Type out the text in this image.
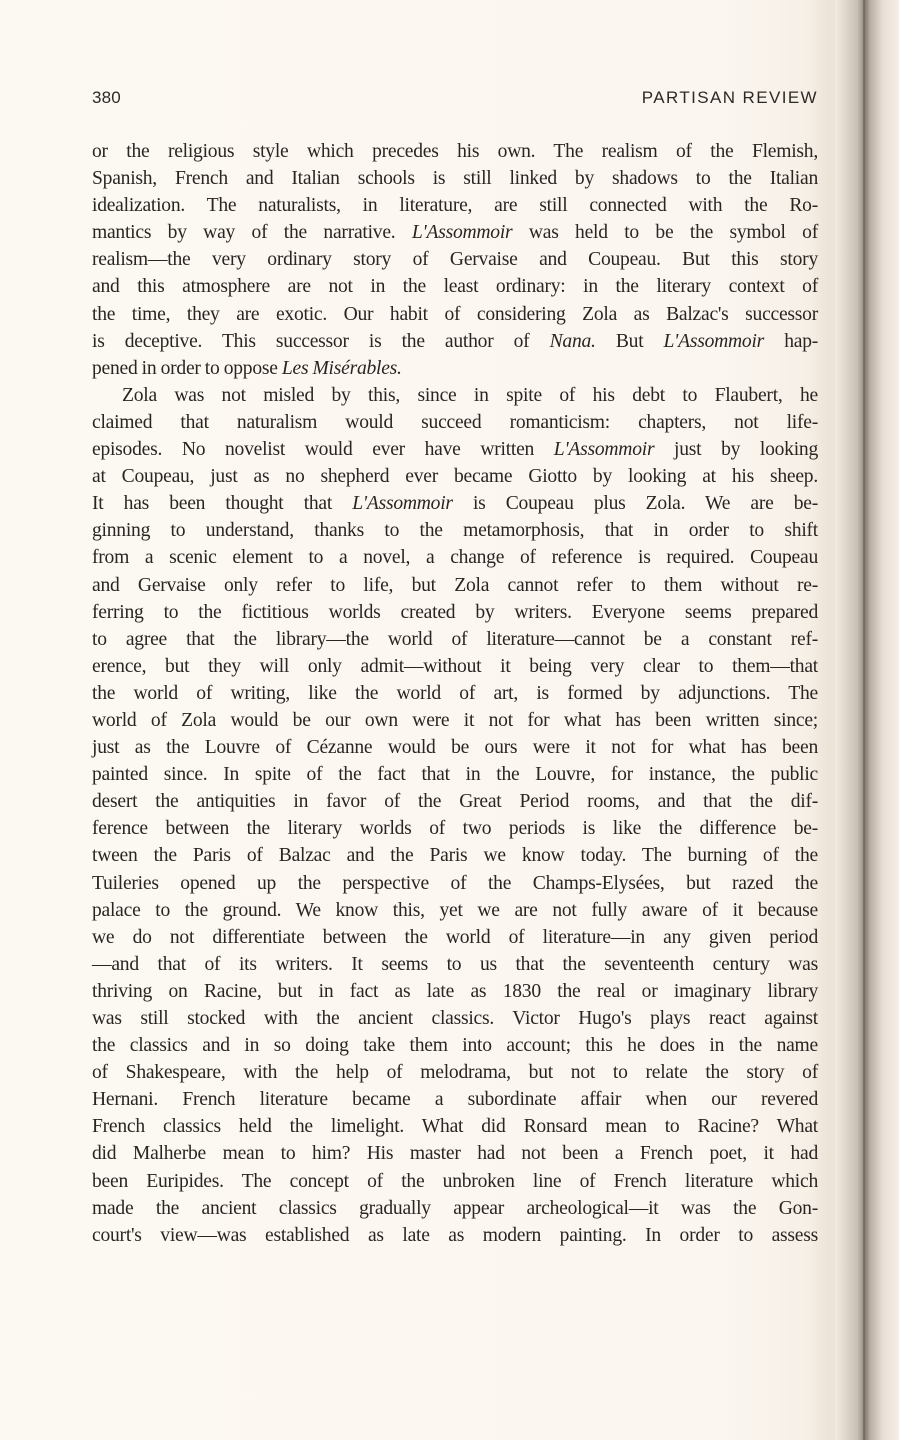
380	PARTISAN REVIEW
or the religious style which precedes his own. The realism of the Flemish,
Spanish, French and Italian schools is still linked by shadows to the Italian
idealization. The naturalists, in literature, are still connected with the Ro-
mantics by way of the narrative. L'Assommoir was held to be the symbol of
realism—the very ordinary story of Gervaise and Coupeau. But this story
and this atmosphere are not in the least ordinary: in the literary context of
the time, they are exotic. Our habit of considering Zola as Balzac's successor
is deceptive. This successor is the author of Nana. But L'Assommoir hap-
pened in order to oppose Les Misérables.
Zola was not misled by this, since in spite of his debt to Flaubert, he
claimed that naturalism would succeed romanticism: chapters, not life-
episodes. No novelist would ever have written L'Assommoir just by looking
at Coupeau, just as no shepherd ever became Giotto by looking at his sheep.
It has been thought that L'Assommoir is Coupeau plus Zola. We are be-
ginning to understand, thanks to the metamorphosis, that in order to shift
from a scenic element to a novel, a change of reference is required. Coupeau
and Gervaise only refer to life, but Zola cannot refer to them without re-
ferring to the fictitious worlds created by writers. Everyone seems prepared
to agree that the library—the world of literature—cannot be a constant ref-
erence, but they will only admit—without it being very clear to them—that
the world of writing, like the world of art, is formed by adjunctions. The
world of Zola would be our own were it not for what has been written since;
just as the Louvre of Cézanne would be ours were it not for what has been
painted since. In spite of the fact that in the Louvre, for instance, the public
desert the antiquities in favor of the Great Period rooms, and that the dif-
ference between the literary worlds of two periods is like the difference be-
tween the Paris of Balzac and the Paris we know today. The burning of the
Tuileries opened up the perspective of the Champs-Elysées, but razed the
palace to the ground. We know this, yet we are not fully aware of it because
we do not differentiate between the world of literature—in any given period
—and that of its writers. It seems to us that the seventeenth century was
thriving on Racine, but in fact as late as 1830 the real or imaginary library
was still stocked with the ancient classics. Victor Hugo's plays react against
the classics and in so doing take them into account; this he does in the name
of Shakespeare, with the help of melodrama, but not to relate the story of
Hernani. French literature became a subordinate affair when our revered
French classics held the limelight. What did Ronsard mean to Racine? What
did Malherbe mean to him? His master had not been a French poet, it had
been Euripides. The concept of the unbroken line of French literature which
made the ancient classics gradually appear archeological—it was the Gon-
court's view—was established as late as modern painting. In order to assess
